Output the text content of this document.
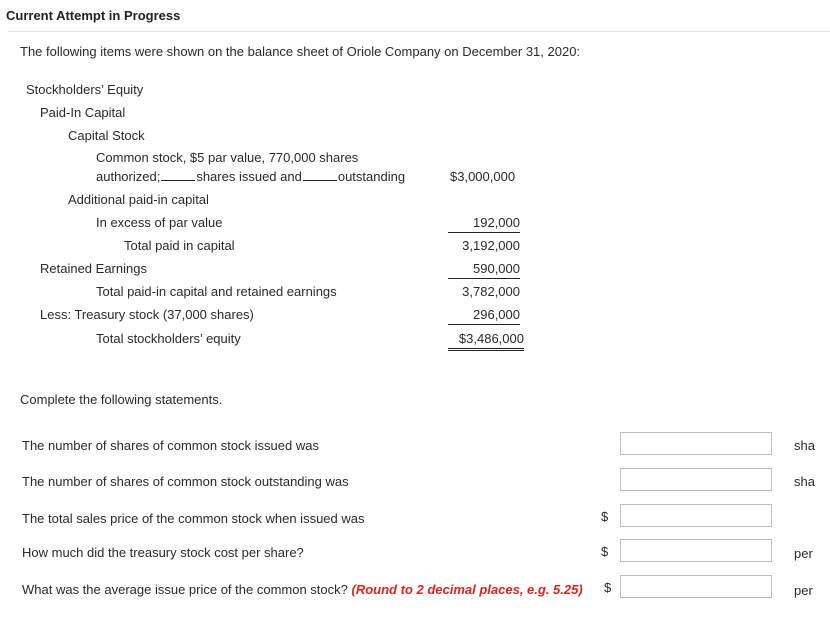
Current Attempt in Progress
The following items were shown on the balance sheet of Oriole Company on December 31, 2020:
Stockholders’ Equity
Paid-In Capital
Capital Stock
Common stock, $5 par value, 770,000 shares
authorized;	shares issued and	outstanding	$3,000,000
Additional paid-in capital
In excess of par value	192,000
Total paid in capital	3,192,000
Retained Earnings	590,000
Total paid-in capital and retained earnings	3,782,000
Less: Treasury stock (37,000 shares)	296,000
Total stockholders’ equity	$3,486,000
Complete the following statements.
The number of shares of common stock issued was	sha
The number of shares of common stock outstanding was	sha
The total sales price of the common stock when issued was	$
How much did the treasury stock cost per share?	$	per
What was the average issue price of the common stock? (Round to 2 decimal places, e.g. 5.25) $	per
